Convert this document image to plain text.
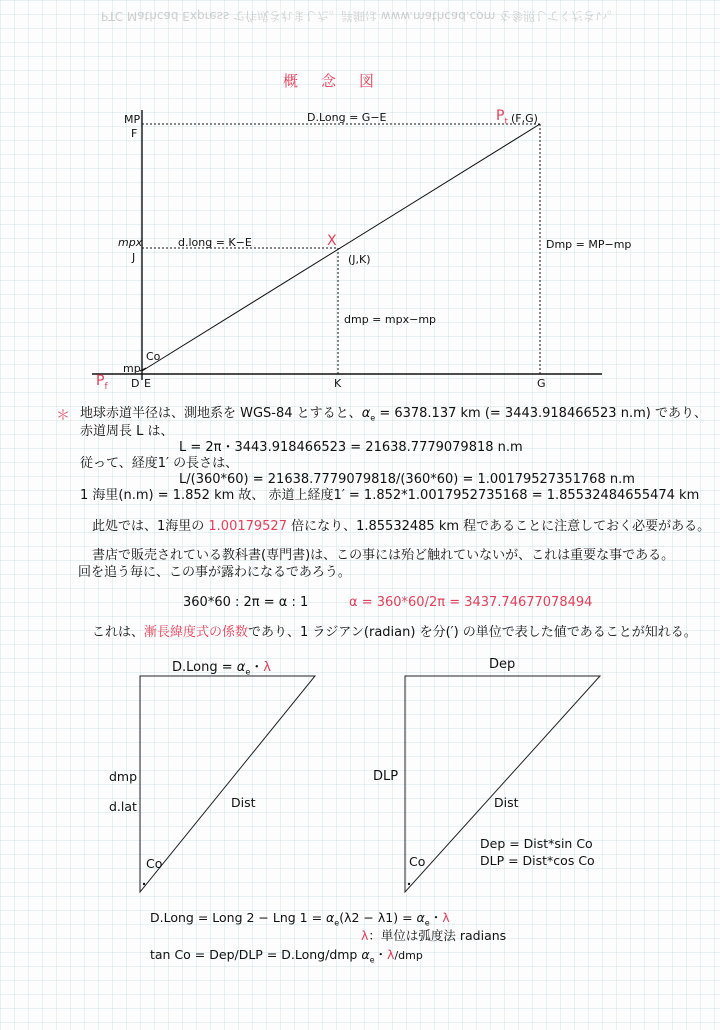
PTC Mathcad Express で作成されました。詳細は www.mathcad.com を参照してください。
概　念　図
MP
F
D.Long = G−E	$P_t$ (F,G)
mpx
J
d.long = K−E	X
(J,K)
Dmp = MP−mp
dmp = mpx−mp
Co
mp
$P_f$ D E	K	G
＊ 地球赤道半径は、測地系を WGS-84 とすると、$\alpha_e = 6378.137$ km (= 3443.918466523 n.m) であり、
赤道周長 L は、
L = 2π・3443.918466523 = 21638.7779079818 n.m
従って、経度1′ の長さは、
L/(360*60) = 21638.7779079818/(360*60) = 1.00179527351768 n.m
1 海里(n.m) = 1.852 km 故、 赤道上経度1′ = 1.852*1.0017952735168 = 1.85532484655474 km
此処では、1海里の 1.00179527 倍になり、1.85532485 km 程であることに注意しておく必要がある。
書店で販売されている教科書(専門書)は、この事には殆ど触れていないが、これは重要な事である。
回を追う毎に、この事が露わになるであろう。
360*60 : 2π = α : 1	α = 360*60/2π = 3437.74677078494
これは、漸長緯度式の係数であり、1 ラジアン(radian) を分(′) の単位で表した値であることが知れる。
D.Long = $\alpha_e$・λ
dmp
d.lat	Dist
Co
Dep
DLP
Dist
Co
Dep = Dist*sin Co
DLP = Dist*cos Co
D.Long = Long 2 − Lng $1 = \alpha_e(\lambda 2 - \lambda 1) = \alpha_e$・λ
λ：単位は弧度法 radians
tan Co = Dep/DLP = D.Long/dmp $\alpha_e$・λ/dmp
